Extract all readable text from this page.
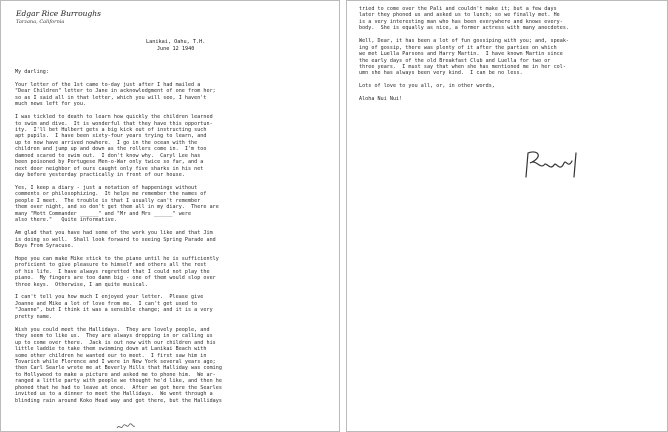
Edgar Rice Burroughs
Tarzana, California
Lanikai, Oahu, T.H.
June 12 1940
My darling:
Your letter of the 1st came to-day just after I had mailed a
"Dear Children" letter to Jane in acknowledgment of one from her;
so as I said all in that letter, which you will see, I haven't
much news left for you.
I was tickled to death to learn how quickly the children learned
to swim and dive.  It is wonderful that they have this opportun-
ity.  I'll bet Hulbert gets a big kick out of instructing such
apt pupils.  I have been sixty-four years trying to learn, and
up to now have arrived nowhere.  I go in the ocean with the
children and jump up and down as the rollers come in.  I'm too
damned scared to swim out.  I don't know why.  Caryl Lee has
been poisoned by Portugese Men-o-War only twice so far, and a
next door neighbor of ours caught only five sharks in his net
day before yesterday practically in front of our house.
Yes, I keep a diary - just a notation of happenings without
comments or philosophizing.  It helps me remember the names of
people I meet.  The trouble is that I usually can't remember
them over night, and so don't get them all in my diary.  There are
many "Mott Commander ______" and "Mr and Mrs ______" were
also there."   Quite informative.
Am glad that you have had some of the work you like and that Jim
is doing so well.  Shall look forward to seeing Spring Parade and
Boys From Syracuse.
Hope you can make Mike stick to the piano until he is sufficiently
proficient to give pleasure to himself and others all the rest
of his life.  I have always regretted that I could not play the
piano.  My fingers are too damn big - one of them would slop over
three keys.  Otherwise, I am quite musical.
I can't tell you how much I enjoyed your letter.  Please give
Joanne and Mike a lot of love from me.  I can't get used to
"Joanne", but I think it was a sensible change; and it is a very
pretty name.
Wish you could meet the Hallidays.  They are lovely people, and
they seem to like us.  They are always dropping in or calling us
up to come over there.  Jack is out now with our children and his
little laddie to take them swimming down at Lanikai Beach with
some other children he wanted our to meet.  I first saw him in
Tovarich while Florence and I were in New York several years ago;
then Carl Searle wrote me at Beverly Hills that Halliday was coming
to Hollywood to make a picture and asked me to phone him.  We ar-
ranged a little party with people we thought he'd like, and then he
phoned that he had to leave at once.  After we got here the Searles
invited us to a dinner to meet the Hallidays.  We went through a
blinding rain around Koko Head way and got there, but the Hallidays
tried to come over the Pali and couldn't make it; but a few days
later they phoned us and asked us to lunch; so we finally met. He
is a very interesting man who has been everywhere and knows every-
body.  She is equally as nice, a former actress with many anecdotes.
Well, Dear, it has been a lot of fun gossiping with you; and, speak-
ing of gossip, there was plenty of it after the parties on which
we met Luella Parsons and Harry Martin.  I have known Martin since
the early days of the old Breakfast Club and Luella for two or
three years.  I must say that when she has mentioned me in her col-
umn she has always been very kind.  I can be no less.
Lots of love to you all, or, in other words,
Aloha Nui Nui!
